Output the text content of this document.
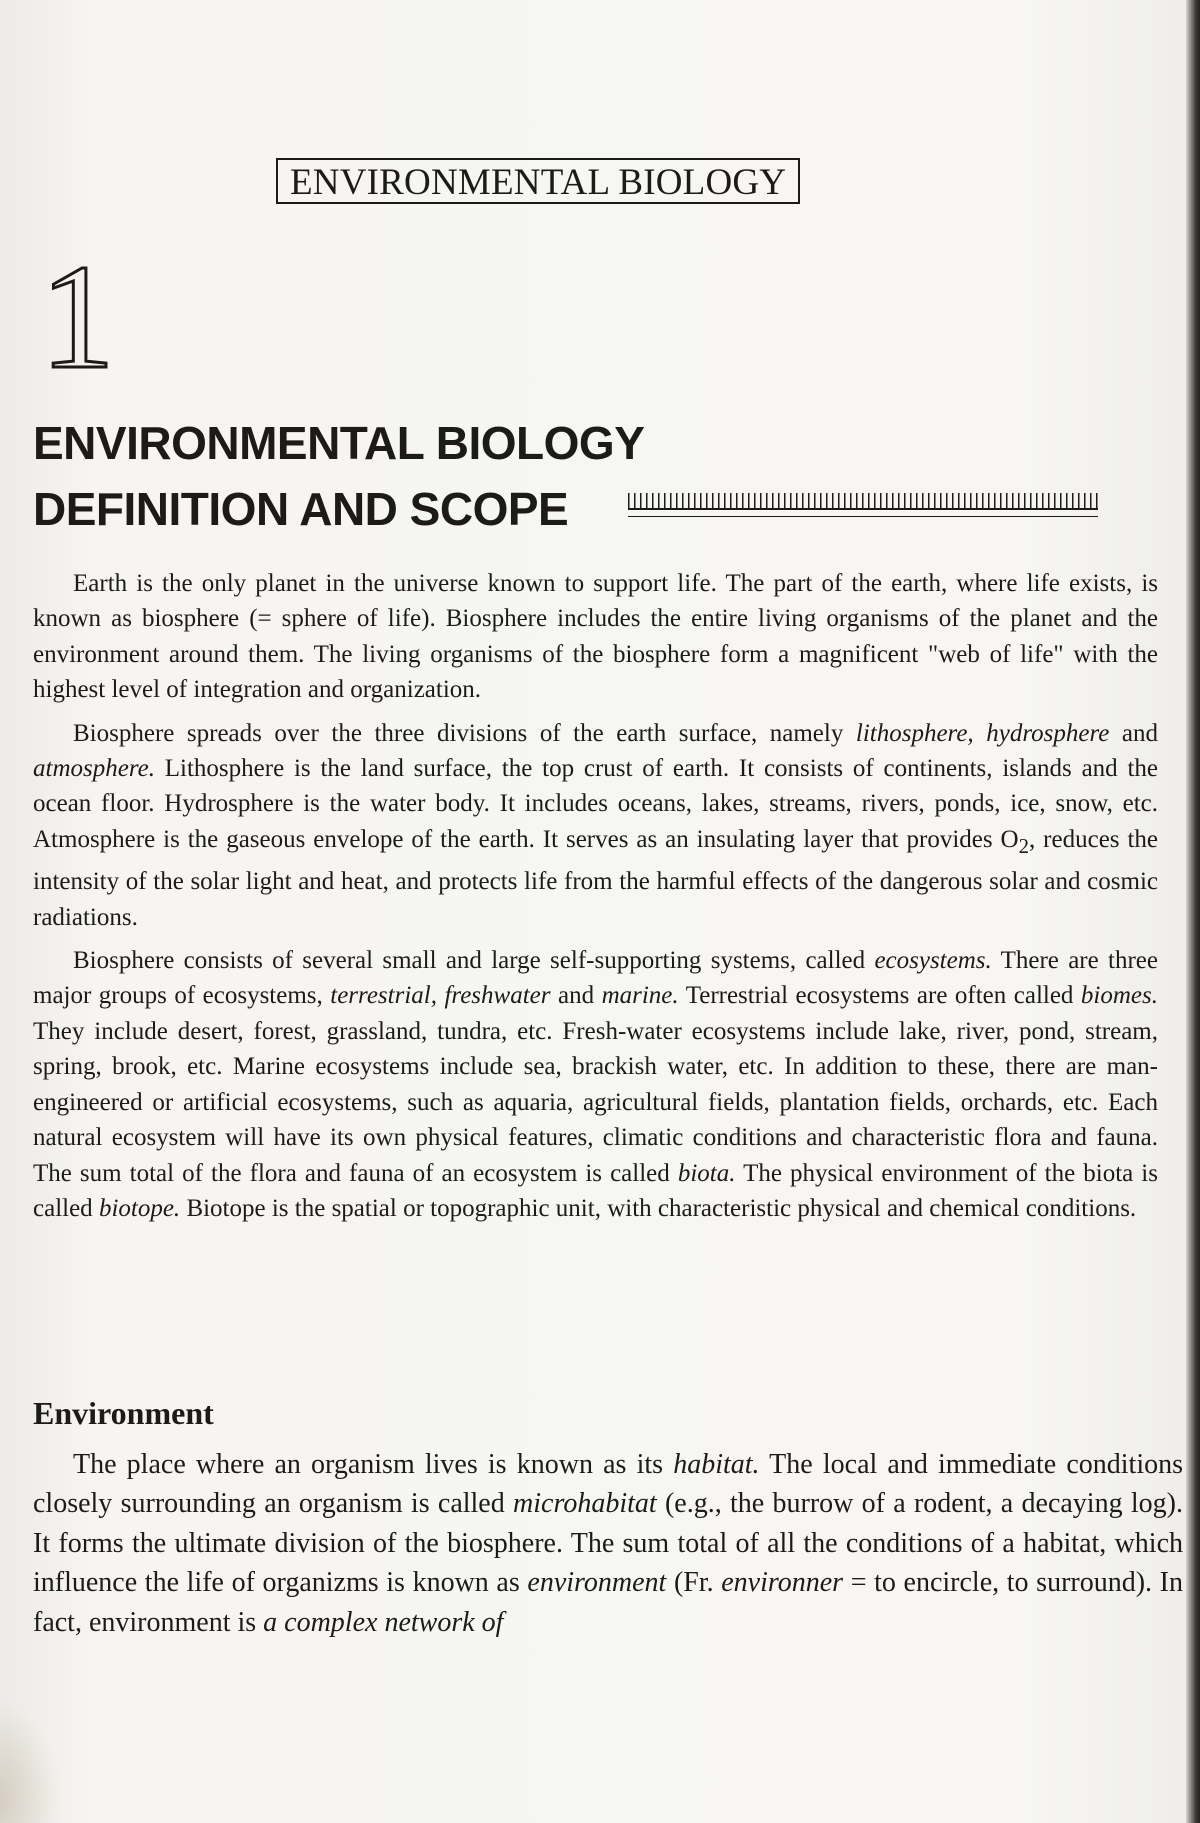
ENVIRONMENTAL BIOLOGY
1
ENVIRONMENTAL BIOLOGY
DEFINITION AND SCOPE

Earth is the only planet in the universe known to support life. The part of the earth, where life exists, is known as biosphere (= sphere of life). Biosphere includes the entire living organisms of the planet and the environment around them. The living organisms of the biosphere form a magnificent "web of life" with the highest level of integration and organization.

Biosphere spreads over the three divisions of the earth surface, namely lithosphere, hydrosphere and atmosphere. Lithosphere is the land surface, the top crust of earth. It consists of continents, islands and the ocean floor. Hydrosphere is the water body. It includes oceans, lakes, streams, rivers, ponds, ice, snow, etc. Atmosphere is the gaseous envelope of the earth. It serves as an insulating layer that provides $O_2$, reduces the intensity of the solar light and heat, and protects life from the harmful effects of the dangerous solar and cosmic radiations.

Biosphere consists of several small and large self-supporting systems, called ecosystems. There are three major groups of ecosystems, terrestrial, freshwater and marine. Terrestrial ecosystems are often called biomes. They include desert, forest, grassland, tundra, etc. Fresh-water ecosystems include lake, river, pond, stream, spring, brook, etc. Marine ecosystems include sea, brackish water, etc. In addition to these, there are man-engineered or artificial ecosystems, such as aquaria, agricultural fields, plantation fields, orchards, etc. Each natural ecosystem will have its own physical features, climatic conditions and characteristic flora and fauna. The sum total of the flora and fauna of an ecosystem is called biota. The physical environment of the biota is called biotope. Biotope is the spatial or topographic unit, with characteristic physical and chemical conditions.

Environment

The place where an organism lives is known as its habitat. The local and immediate conditions closely surrounding an organism is called microhabitat (e.g., the burrow of a rodent, a decaying log). It forms the ultimate division of the biosphere. The sum total of all the conditions of a habitat, which influence the life of organizms is known as environment (Fr. environner = to encircle, to surround). In fact, environment is a complex network of
